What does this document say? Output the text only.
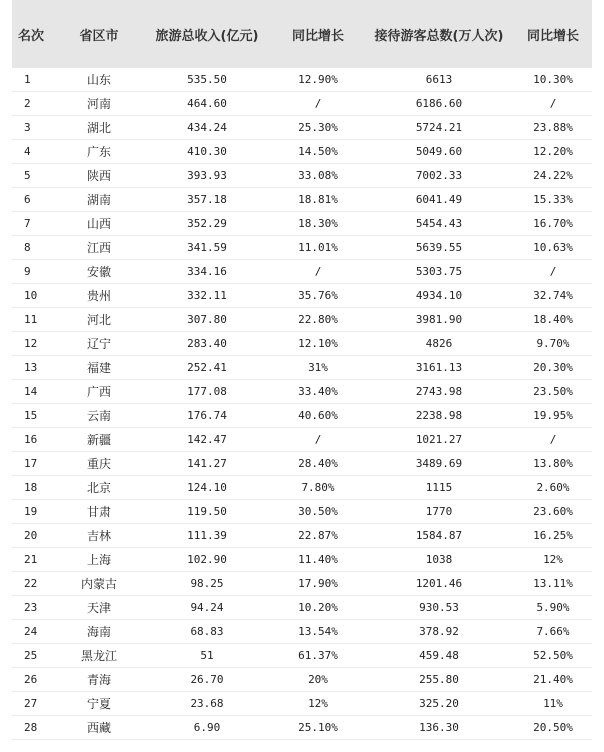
名次	省区市	旅游总收入(亿元)	同比增长	接待游客总数(万人次)	同比增长
1	山东	535.50	12.90%	6613	10.30%
2	河南	464.60	/	6186.60	/
3	湖北	434.24	25.30%	5724.21	23.88%
4	广东	410.30	14.50%	5049.60	12.20%
5	陕西	393.93	33.08%	7002.33	24.22%
6	湖南	357.18	18.81%	6041.49	15.33%
7	山西	352.29	18.30%	5454.43	16.70%
8	江西	341.59	11.01%	5639.55	10.63%
9	安徽	334.16	/	5303.75	/
10	贵州	332.11	35.76%	4934.10	32.74%
11	河北	307.80	22.80%	3981.90	18.40%
12	辽宁	283.40	12.10%	4826	9.70%
13	福建	252.41	31%	3161.13	20.30%
14	广西	177.08	33.40%	2743.98	23.50%
15	云南	176.74	40.60%	2238.98	19.95%
16	新疆	142.47	/	1021.27	/
17	重庆	141.27	28.40%	3489.69	13.80%
18	北京	124.10	7.80%	1115	2.60%
19	甘肃	119.50	30.50%	1770	23.60%
20	吉林	111.39	22.87%	1584.87	16.25%
21	上海	102.90	11.40%	1038	12%
22	内蒙古	98.25	17.90%	1201.46	13.11%
23	天津	94.24	10.20%	930.53	5.90%
24	海南	68.83	13.54%	378.92	7.66%
25	黑龙江	51	61.37%	459.48	52.50%
26	青海	26.70	20%	255.80	21.40%
27	宁夏	23.68	12%	325.20	11%
28	西藏	6.90	25.10%	136.30	20.50%
